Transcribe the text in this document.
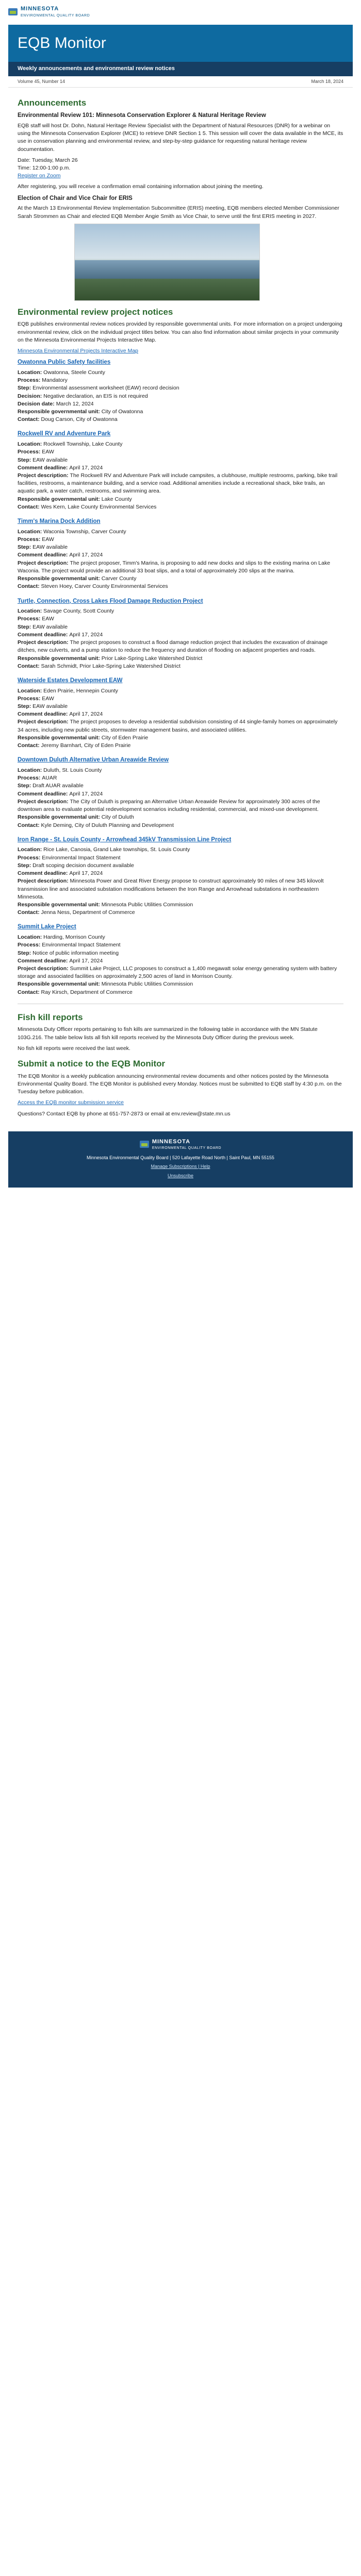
MINNESOTA
ENVIRONMENTAL QUALITY BOARD
EQB Monitor
Weekly announcements and environmental review notices
Volume 45, Number 14	March 18, 2024
Announcements
Environmental Review 101: Minnesota Conservation Explorer & Natural Heritage Review

EQB staff will host Dr. Dohn, Natural Heritage Review Specialist with the Department of Natural Resources (DNR) for a webinar on using the Minnesota Conservation Explorer (MCE) to retrieve DNR Section 1 5. This session will cover the data available in the MCE, its use in conservation planning and environmental review, and step-by-step guidance for requesting natural heritage review documentation.

Date: Tuesday, March 26

Time: 12:00-1:00 p.m.

Register on Zoom

After registering, you will receive a confirmation email containing information about joining the meeting.

Election of Chair and Vice Chair for ERIS

At the March 13 Environmental Review Implementation Subcommittee (ERIS) meeting, EQB members elected Member Commissioner Sarah Strommen as Chair and elected EQB Member Angie Smith as Vice Chair, to serve until the first ERIS meeting in 2027.

Environmental review project notices

EQB publishes environmental review notices provided by responsible governmental units. For more information on a project undergoing environmental review, click on the individual project titles below. You can also find information about similar projects in your community on the Minnesota Environmental Projects Interactive Map.

Minnesota Environmental Projects Interactive Map

Owatonna Public Safety facilities

Location: Owatonna, Steele County

Process: Mandatory

Step: Environmental assessment worksheet (EAW) record decision

Decision: Negative declaration, an EIS is not required

Decision date: March 12, 2024

Responsible governmental unit: City of Owatonna

Contact: Doug Carson, City of Owatonna

Rockwell RV and Adventure Park

Location: Rockwell Township, Lake County

Process: EAW

Step: EAW available

Comment deadline: April 17, 2024

Project description: The Rockwell RV and Adventure Park will include campsites, a clubhouse, multiple restrooms, parking, bike trail facilities, restrooms, a maintenance building, and a service road. Additional amenities include a recreational shack, bike trails, an aquatic park, a water catch, restrooms, and swimming area.

Responsible governmental unit: Lake County

Contact: Wes Kern, Lake County Environmental Services

Timm's Marina Dock Addition

Location: Waconia Township, Carver County

Process: EAW

Step: EAW available

Comment deadline: April 17, 2024

Project description: The project proposer, Timm's Marina, is proposing to add new docks and slips to the existing marina on Lake Waconia. The project would provide an additional 33 boat slips, and a total of approximately 200 slips at the marina.

Responsible governmental unit: Carver County

Contact: Steven Hoey, Carver County Environmental Services

Turtle, Connection, Cross Lakes Flood Damage Reduction Project

Location: Savage County, Scott County

Process: EAW

Step: EAW available

Comment deadline: April 17, 2024

Project description: The project proposes to construct a flood damage reduction project that includes the excavation of drainage ditches, new culverts, and a pump station to reduce the frequency and duration of flooding on adjacent properties and roads.

Responsible governmental unit: Prior Lake-Spring Lake Watershed District

Contact: Sarah Schmidt, Prior Lake-Spring Lake Watershed District

Waterside Estates Development EAW

Location: Eden Prairie, Hennepin County

Process: EAW

Step: EAW available

Comment deadline: April 17, 2024

Project description: The project proposes to develop a residential subdivision consisting of 44 single-family homes on approximately 34 acres, including new public streets, stormwater management basins, and associated utilities.

Responsible governmental unit: City of Eden Prairie

Contact: Jeremy Barnhart, City of Eden Prairie

Downtown Duluth Alternative Urban Areawide Review

Location: Duluth, St. Louis County

Process: AUAR

Step: Draft AUAR available

Comment deadline: April 17, 2024

Project description: The City of Duluth is preparing an Alternative Urban Areawide Review for approximately 300 acres of the downtown area to evaluate potential redevelopment scenarios including residential, commercial, and mixed-use development.

Responsible governmental unit: City of Duluth

Contact: Kyle Deming, City of Duluth Planning and Development

Iron Range - St. Louis County - Arrowhead 345kV Transmission Line Project

Location: Rice Lake, Canosia, Grand Lake townships, St. Louis County

Process: Environmental Impact Statement

Step: Draft scoping decision document available

Comment deadline: April 17, 2024

Project description: Minnesota Power and Great River Energy propose to construct approximately 90 miles of new 345 kilovolt transmission line and associated substation modifications between the Iron Range and Arrowhead substations in northeastern Minnesota.

Responsible governmental unit: Minnesota Public Utilities Commission

Contact: Jenna Ness, Department of Commerce

Summit Lake Project

Location: Harding, Morrison County

Process: Environmental Impact Statement

Step: Notice of public information meeting

Comment deadline: April 17, 2024

Project description: Summit Lake Project, LLC proposes to construct a 1,400 megawatt solar energy generating system with battery storage and associated facilities on approximately 2,500 acres of land in Morrison County.

Responsible governmental unit: Minnesota Public Utilities Commission

Contact: Ray Kirsch, Department of Commerce

Fish kill reports

Minnesota Duty Officer reports pertaining to fish kills are summarized in the following table in accordance with the MN Statute 103G.216. The table below lists all fish kill reports received by the Minnesota Duty Officer during the previous week.

No fish kill reports were received the last week.

Submit a notice to the EQB Monitor

The EQB Monitor is a weekly publication announcing environmental review documents and other notices posted by the Minnesota Environmental Quality Board. The EQB Monitor is published every Monday. Notices must be submitted to EQB staff by 4:30 p.m. on the Tuesday before publication.

Access the EQB monitor submission service

Questions? Contact EQB by phone at 651-757-2873 or email at env.review@state.mn.us

MINNESOTA
ENVIRONMENTAL QUALITY BOARD

Minnesota Environmental Quality Board | 520 Lafayette Road North | Saint Paul, MN 55155

Manage Subscriptions | Help

Unsubscribe
